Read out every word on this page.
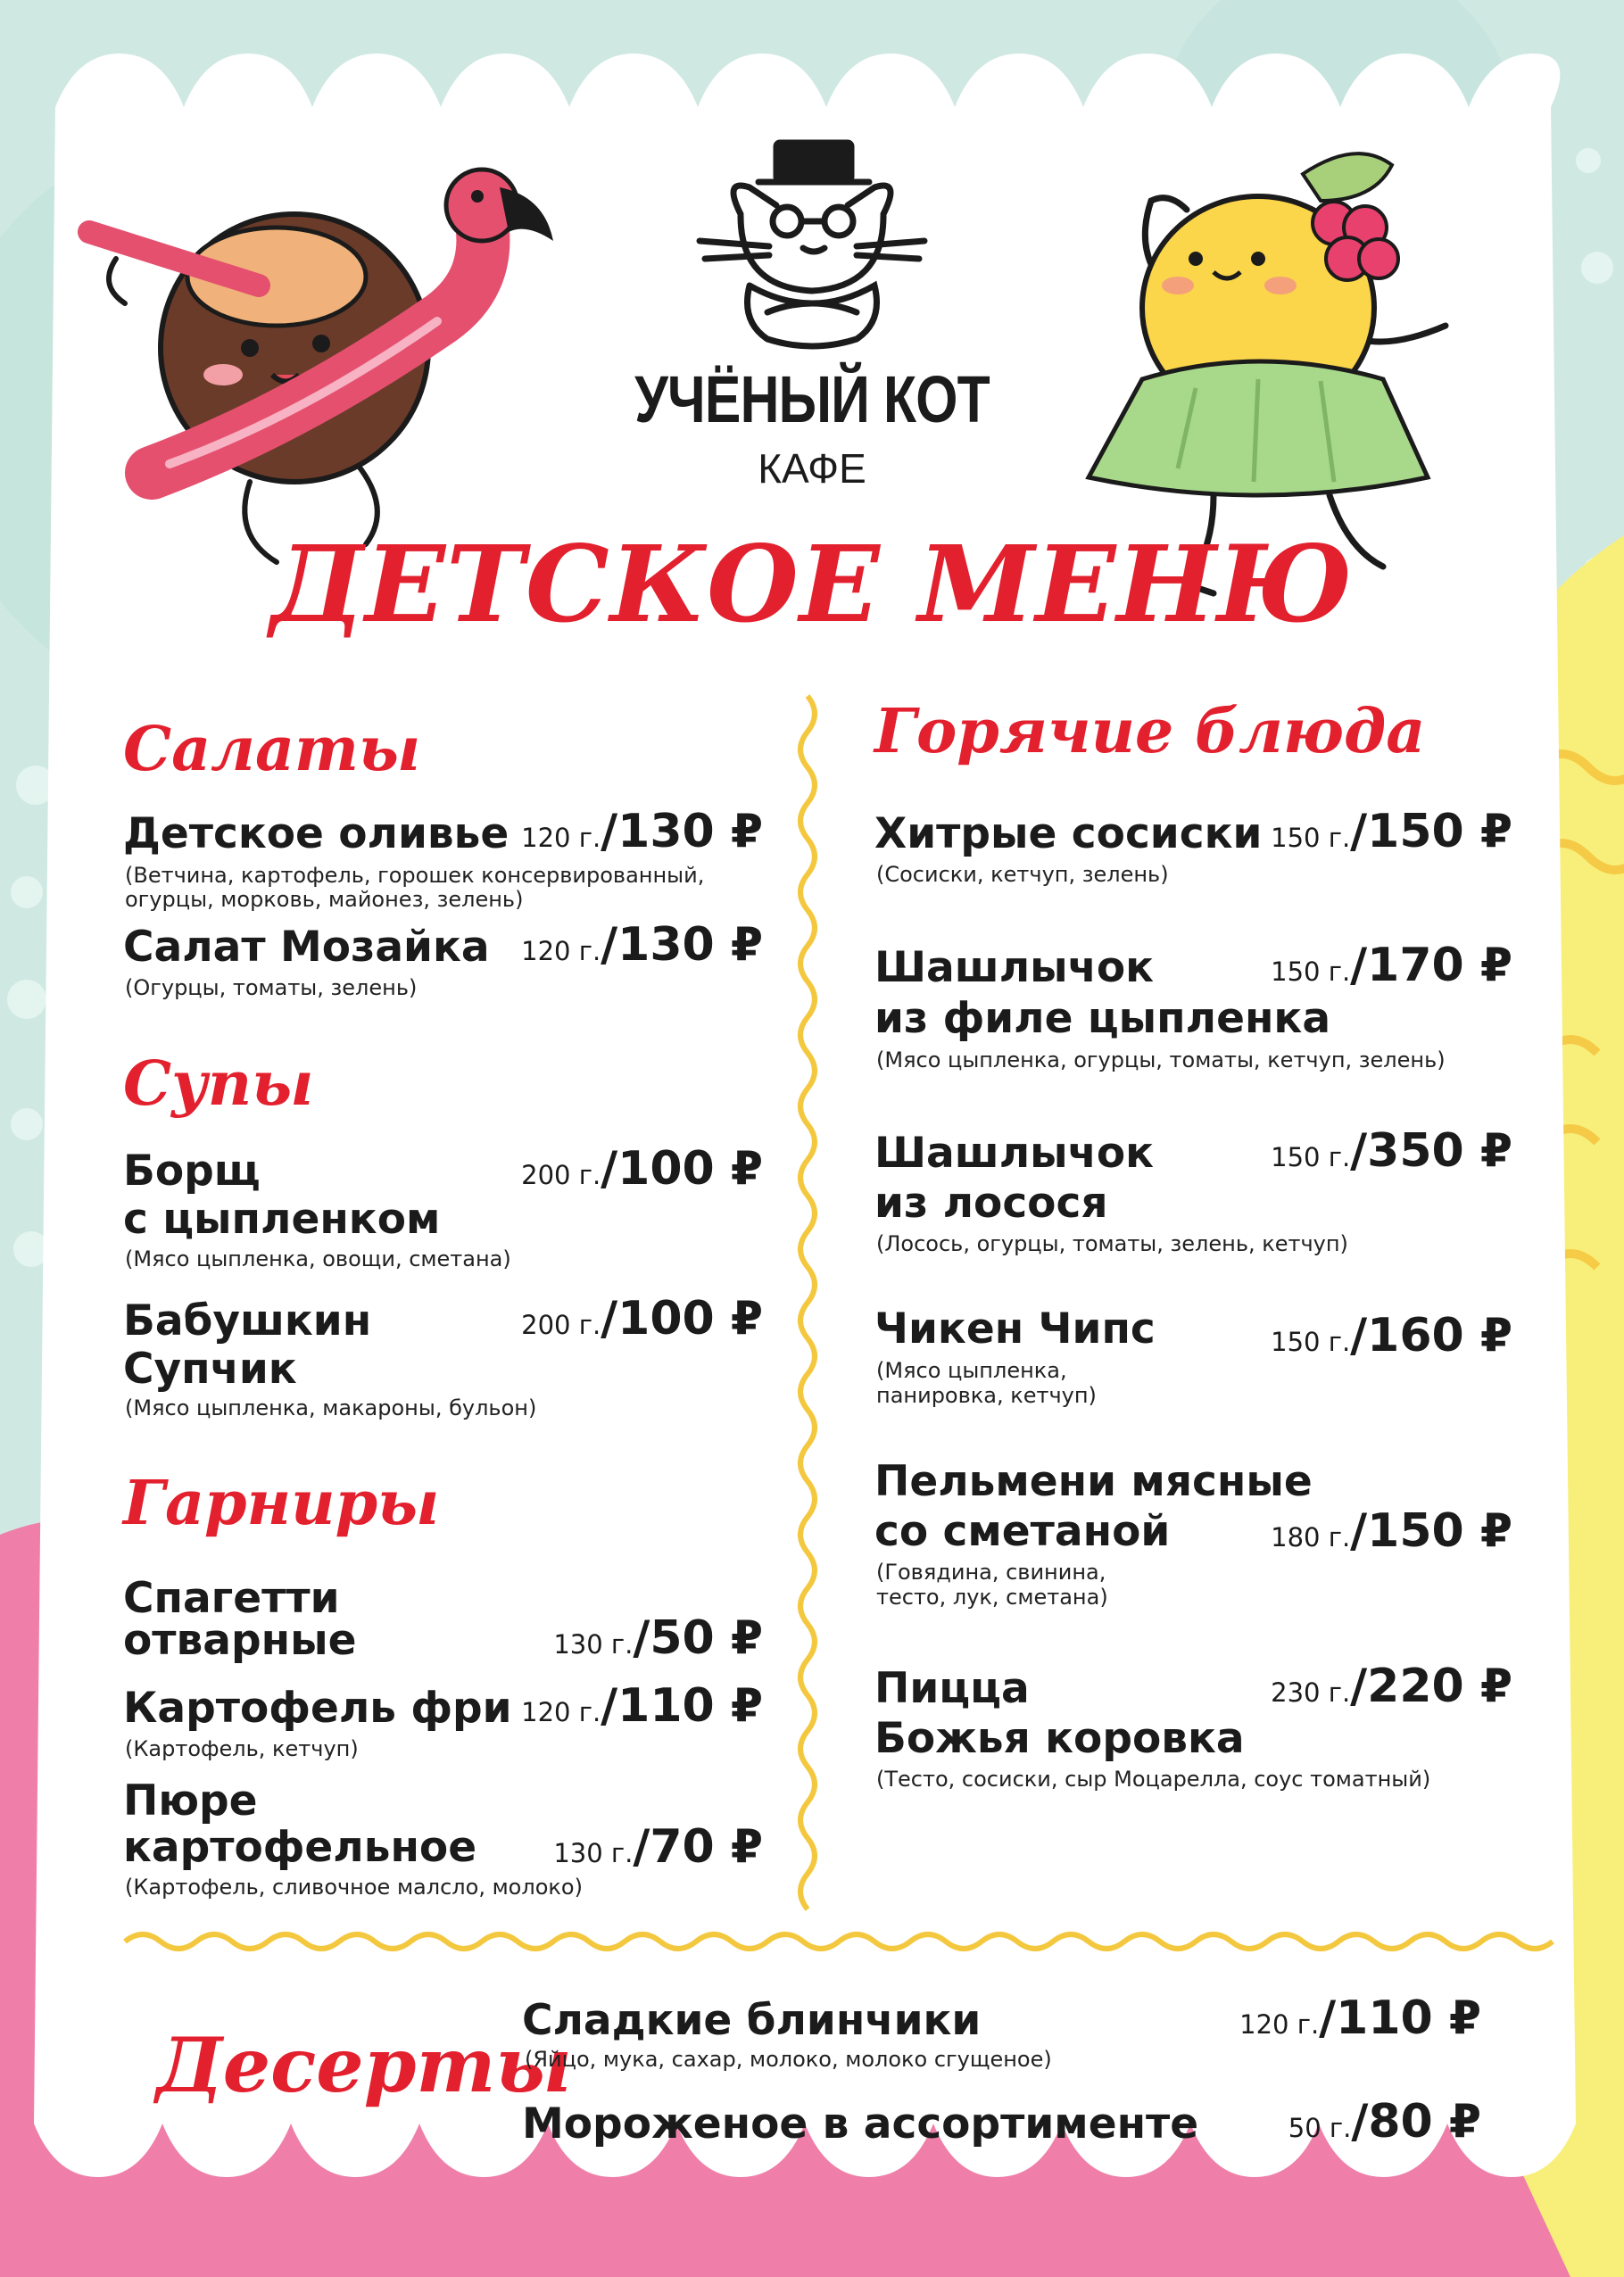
УЧЁНЫЙ КОТ
КАФЕ
ДЕТСКОЕ МЕНЮ
Салаты
Детское оливье 120 г./130 ₽
(Ветчина, картофель, горошек консервированный,
огурцы, морковь, майонез, зелень)
Салат Мозайка 120 г./130 ₽
(Огурцы, томаты, зелень)
Супы
Борщ
с цыпленком
200 г./100 ₽
(Мясо цыпленка, овощи, сметана)
Бабушкин
Супчик
200 г./100 ₽
(Мясо цыпленка, макароны, бульон)
Гарниры
Спагетти
отварные	130 г./50 ₽
Картофель фри 120 г./110 ₽
(Картофель, кетчуп)
Пюре
картофельное	130 г./70 ₽
(Картофель, сливочное малсло, молоко)
Горячие блюда
Хитрые сосиски 150 г./150 ₽
(Сосиски, кетчуп, зелень)
Шашлычок
из филе цыпленка
150 г./170 ₽
(Мясо цыпленка, огурцы, томаты, кетчуп, зелень)
Шашлычок
из лосося
150 г./350 ₽
(Лосось, огурцы, томаты, зелень, кетчуп)
Чикен Чипс	150 г./160 ₽
(Мясо цыпленка,
панировка, кетчуп)
Пельмени мясные
со сметаной	180 г./150 ₽
(Говядина, свинина,
тесто, лук, сметана)
Пицца
Божья коровка
230 г./220 ₽
(Тесто, сосиски, сыр Моцарелла, соус томатный)
Десерты
Сладкие блинчики	120 г./110 ₽
(Яйцо, мука, сахар, молоко, молоко сгущеное)
Мороженое в ассортименте	50 г./80 ₽
